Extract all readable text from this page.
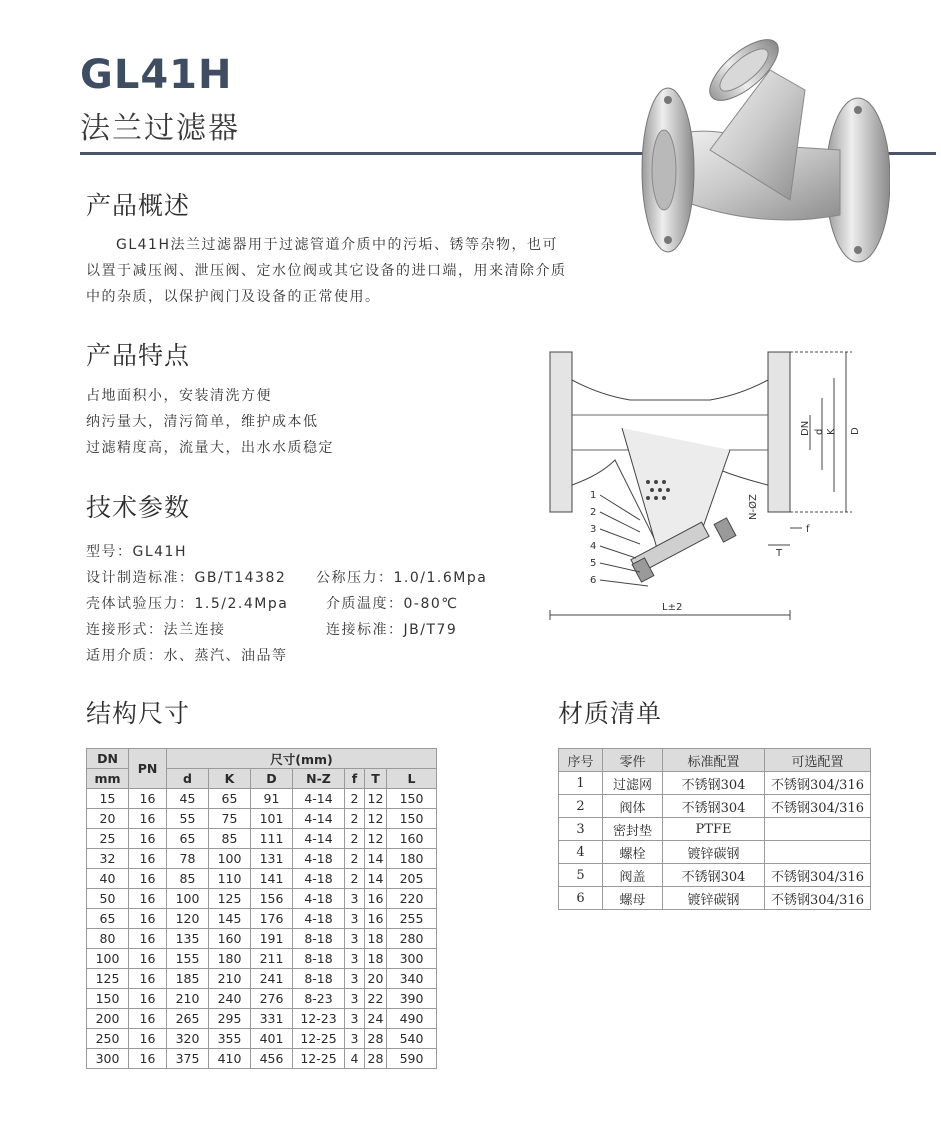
GL41H
法兰过滤器
产品概述
GL41H法兰过滤器用于过滤管道介质中的污垢、锈等杂物，也可
以置于减压阀、泄压阀、定水位阀或其它设备的进口端，用来清除介质
中的杂质，以保护阀门及设备的正常使用。
产品特点
占地面积小，安装清洗方便
纳污量大，清污简单，维护成本低
过滤精度高，流量大，出水水质稳定
技术参数
型号：GL41H
设计制造标准：GB/T14382 公称压力：1.0/1.6Mpa
壳体试验压力：1.5/2.4Mpa	介质温度：0-80℃
连接形式：法兰连接	连接标准：JB/T79
适用介质：水、蒸汽、油品等
1
2
3
4
5
6
L±2
DN d K D
N-ØZ
f
T
结构尺寸
DN	PN	尺寸(mm)						
mm		d	K	D	N-Z	f	T	L
15	16	45	65	91	4-14	2	12	150
20	16	55	75	101	4-14	2	12	150
25	16	65	85	111	4-14	2	12	160
32	16	78	100	131	4-18	2	14	180
40	16	85	110	141	4-18	2	14	205
50	16	100	125	156	4-18	3	16	220
65	16	120	145	176	4-18	3	16	255
80	16	135	160	191	8-18	3	18	280
100	16	155	180	211	8-18	3	18	300
125	16	185	210	241	8-18	3	20	340
150	16	210	240	276	8-23	3	22	390
200	16	265	295	331	12-23	3	24	490
250	16	320	355	401	12-25	3	28	540
300	16	375	410	456	12-25	4	28	590
材质清单
序号	零件	标准配置	可选配置
1	过滤网	不锈钢304	不锈钢304/316
2	阀体	不锈钢304	不锈钢304/316
3	密封垫	PTFE	
4	螺栓	镀锌碳钢	
5	阀盖	不锈钢304	不锈钢304/316
6	螺母	镀锌碳钢	不锈钢304/316
